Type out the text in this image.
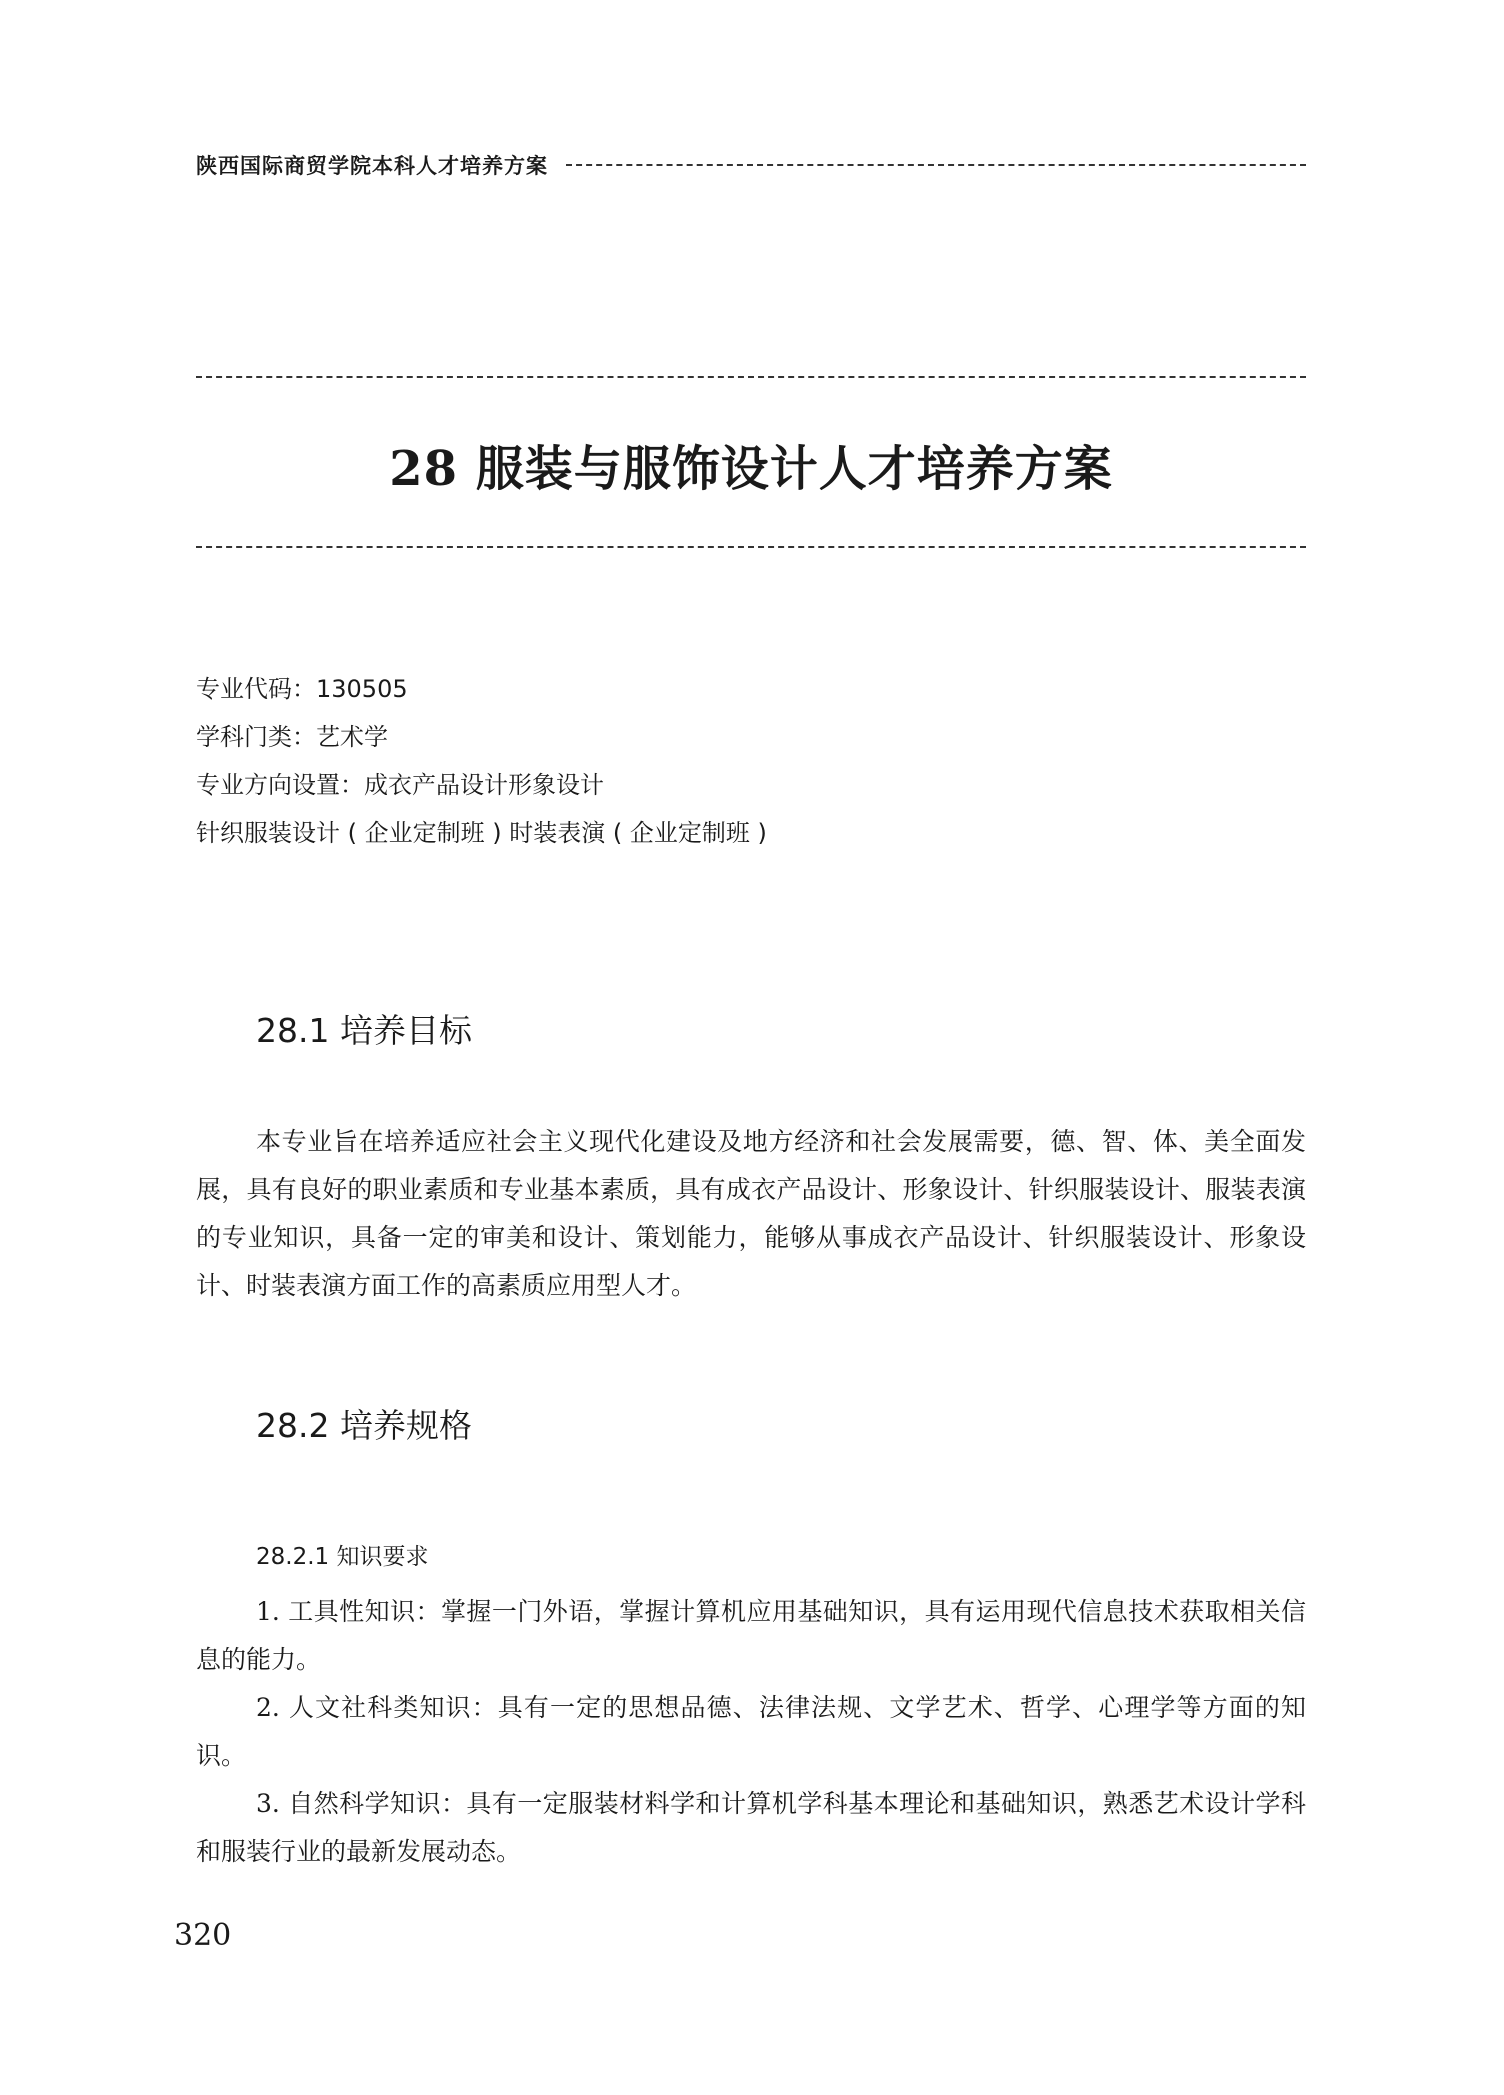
陕西国际商贸学院本科人才培养方案
28 服装与服饰设计人才培养方案
专业代码：130505
学科门类：艺术学
专业方向设置：成衣产品设计形象设计
针织服装设计 ( 企业定制班 ) 时装表演 ( 企业定制班 )
28.1 培养目标

本专业旨在培养适应社会主义现代化建设及地方经济和社会发展需要，德、智、体、美全面发展，具有良好的职业素质和专业基本素质，具有成衣产品设计、形象设计、针织服装设计、服装表演的专业知识，具备一定的审美和设计、策划能力，能够从事成衣产品设计、针织服装设计、形象设计、时装表演方面工作的高素质应用型人才。

28.2 培养规格
28.2.1 知识要求

1. 工具性知识：掌握一门外语，掌握计算机应用基础知识，具有运用现代信息技术获取相关信息的能力。

2. 人文社科类知识：具有一定的思想品德、法律法规、文学艺术、哲学、心理学等方面的知识。

3. 自然科学知识：具有一定服装材料学和计算机学科基本理论和基础知识，熟悉艺术设计学科和服装行业的最新发展动态。

320
